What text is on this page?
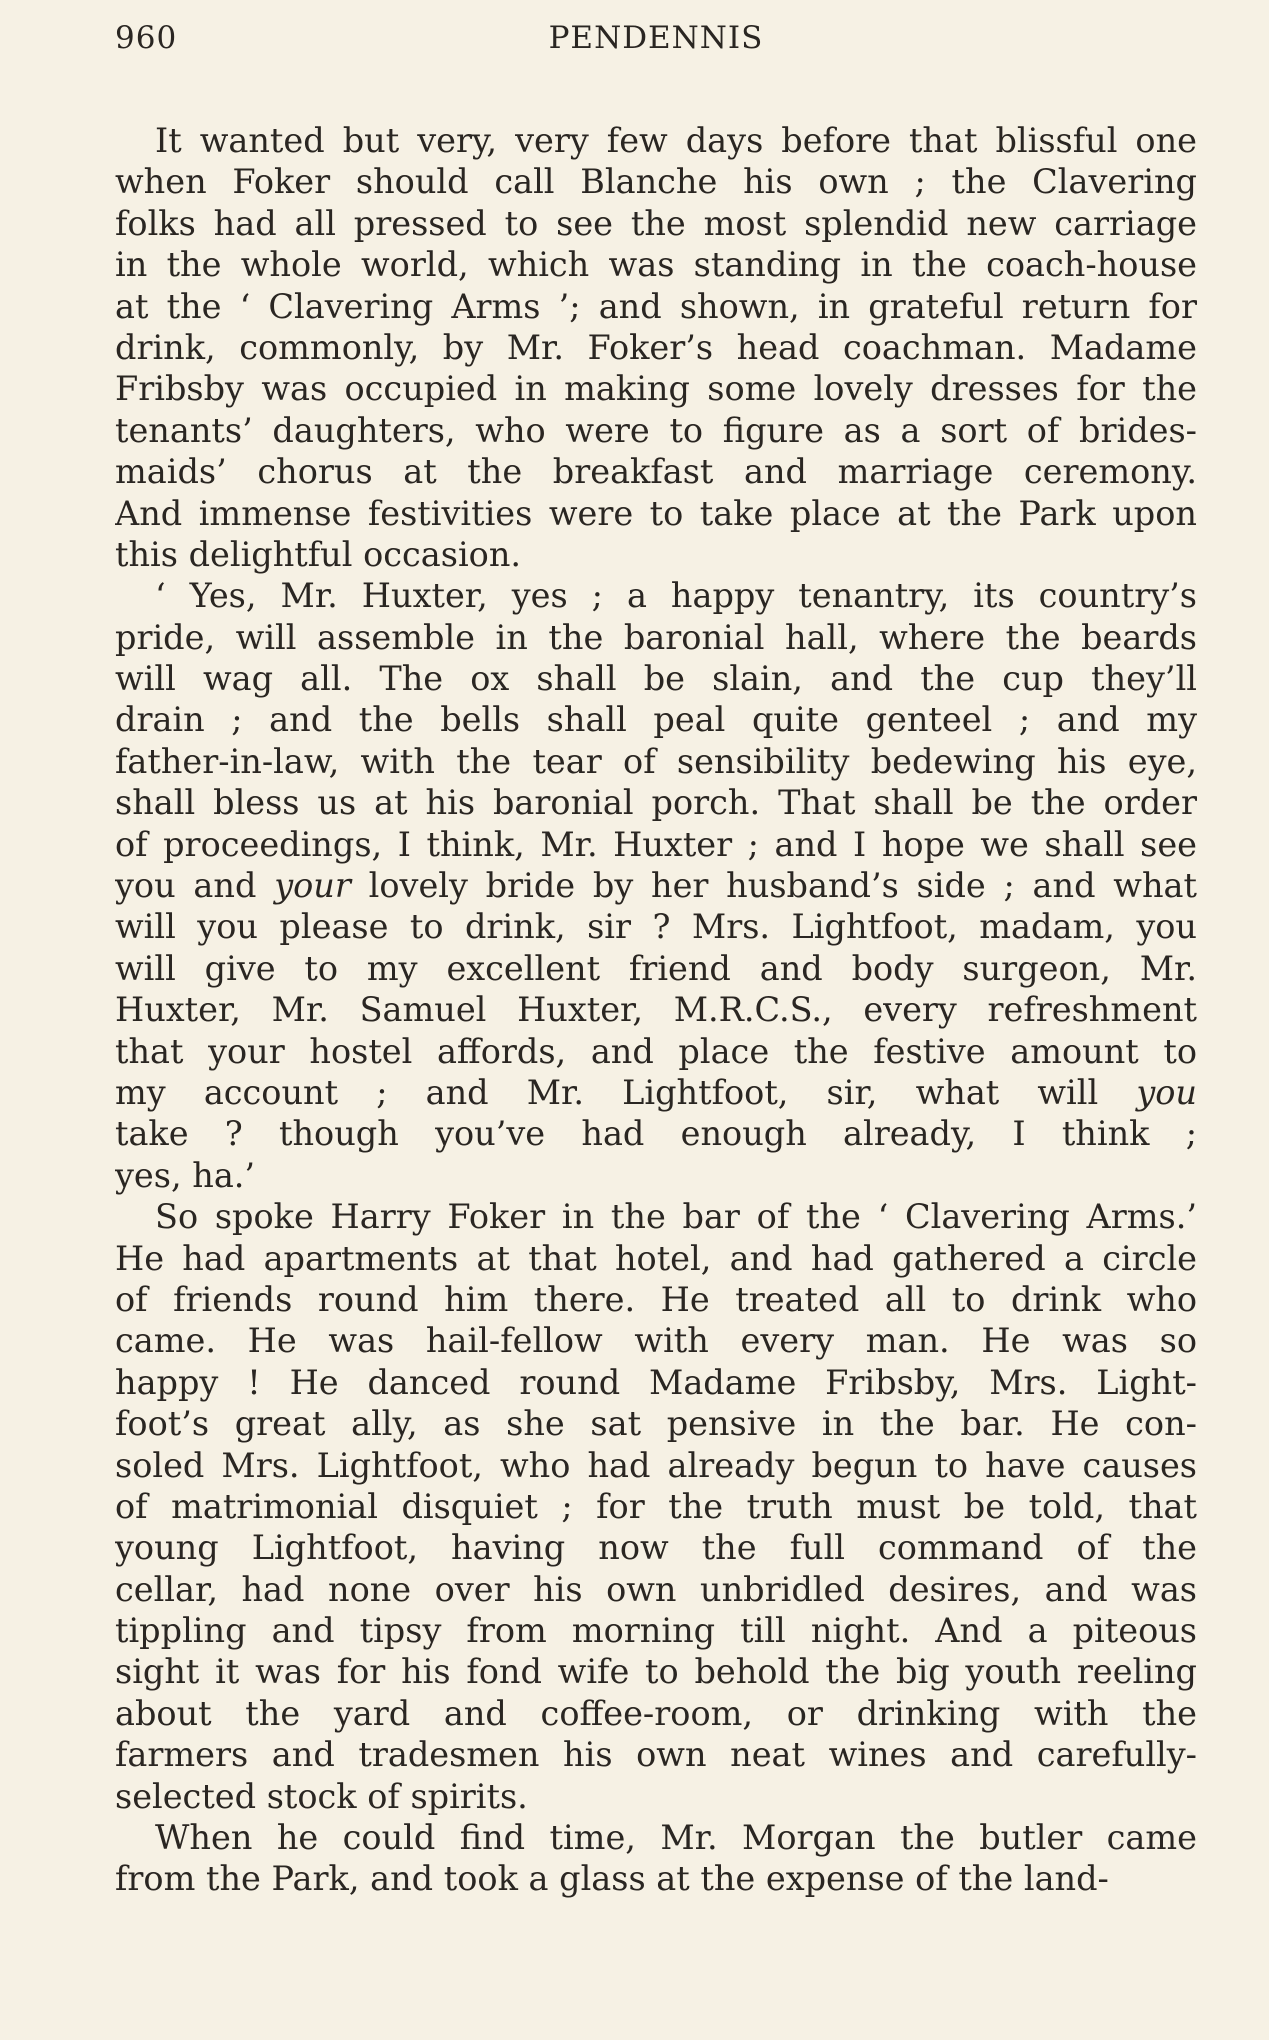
960	PENDENNIS
It wanted but very, very few days before that blissful one
when Foker should call Blanche his own ; the Clavering
folks had all pressed to see the most splendid new carriage
in the whole world, which was standing in the coach-house
at the ‘ Clavering Arms ’; and shown, in grateful return for
drink, commonly, by Mr. Foker’s head coachman. Madame
Fribsby was occupied in making some lovely dresses for the
tenants’ daughters, who were to figure as a sort of brides-
maids’ chorus at the breakfast and marriage ceremony.
And immense festivities were to take place at the Park upon
this delightful occasion.
‘ Yes, Mr. Huxter, yes ; a happy tenantry, its country’s
pride, will assemble in the baronial hall, where the beards
will wag all. The ox shall be slain, and the cup they’ll
drain ; and the bells shall peal quite genteel ; and my
father-in-law, with the tear of sensibility bedewing his eye,
shall bless us at his baronial porch. That shall be the order
of proceedings, I think, Mr. Huxter ; and I hope we shall see
you and your lovely bride by her husband’s side ; and what
will you please to drink, sir ? Mrs. Lightfoot, madam, you
will give to my excellent friend and body surgeon, Mr.
Huxter, Mr. Samuel Huxter, M.R.C.S., every refreshment
that your hostel affords, and place the festive amount to
my account ; and Mr. Lightfoot, sir, what will you
take ? though you’ve had enough already, I think ;
yes, ha.’
So spoke Harry Foker in the bar of the ‘ Clavering Arms.’
He had apartments at that hotel, and had gathered a circle
of friends round him there. He treated all to drink who
came. He was hail-fellow with every man. He was so
happy ! He danced round Madame Fribsby, Mrs. Light-
foot’s great ally, as she sat pensive in the bar. He con-
soled Mrs. Lightfoot, who had already begun to have causes
of matrimonial disquiet ; for the truth must be told, that
young Lightfoot, having now the full command of the
cellar, had none over his own unbridled desires, and was
tippling and tipsy from morning till night. And a piteous
sight it was for his fond wife to behold the big youth reeling
about the yard and coffee-room, or drinking with the
farmers and tradesmen his own neat wines and carefully-
selected stock of spirits.
When he could find time, Mr. Morgan the butler came
from the Park, and took a glass at the expense of the land-
